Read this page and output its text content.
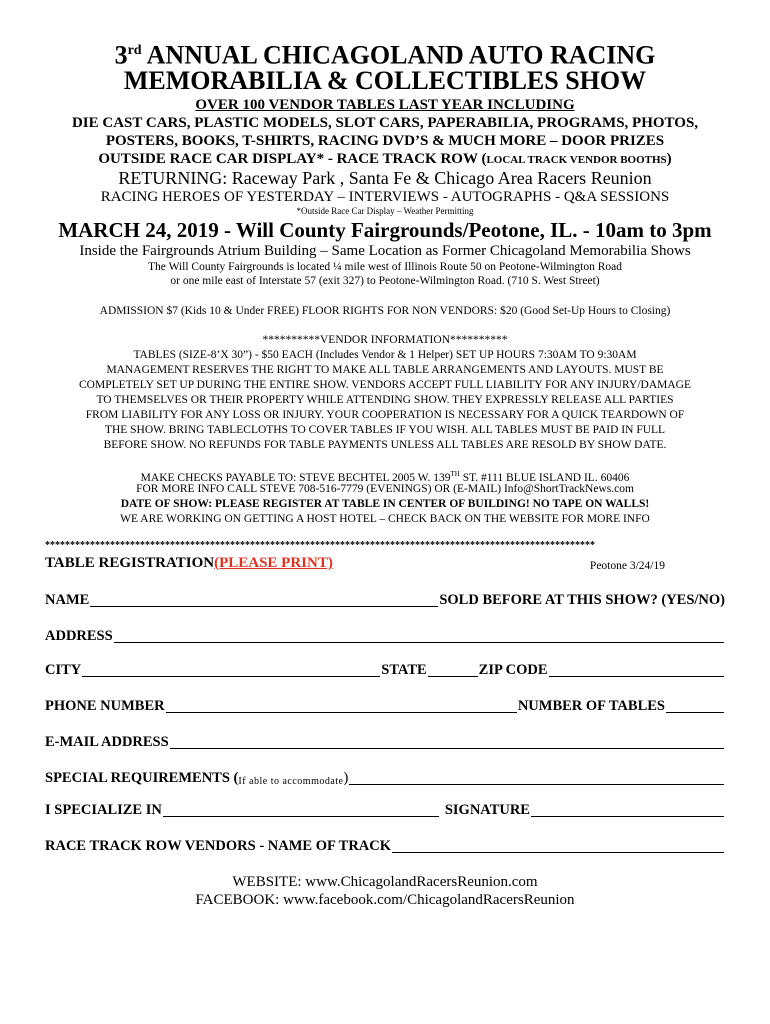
3rd ANNUAL CHICAGOLAND AUTO RACING
MEMORABILIA & COLLECTIBLES SHOW
OVER 100 VENDOR TABLES LAST YEAR INCLUDING
DIE CAST CARS, PLASTIC MODELS, SLOT CARS, PAPERABILIA, PROGRAMS, PHOTOS,
POSTERS, BOOKS, T-SHIRTS, RACING DVD’S & MUCH MORE – DOOR PRIZES
OUTSIDE RACE CAR DISPLAY* - RACE TRACK ROW (LOCAL TRACK VENDOR BOOTHS)
RETURNING: Raceway Park , Santa Fe & Chicago Area Racers Reunion
RACING HEROES OF YESTERDAY – INTERVIEWS - AUTOGRAPHS - Q&A SESSIONS
*Outside Race Car Display – Weather Permitting
MARCH 24, 2019 - Will County Fairgrounds/Peotone, IL. - 10am to 3pm
Inside the Fairgrounds Atrium Building – Same Location as Former Chicagoland Memorabilia Shows
The Will County Fairgrounds is located ¼ mile west of Illinois Route 50 on Peotone-Wilmington Road
or one mile east of Interstate 57 (exit 327) to Peotone-Wilmington Road. (710 S. West Street)
ADMISSION $7 (Kids 10 & Under FREE) FLOOR RIGHTS FOR NON VENDORS: $20 (Good Set-Up Hours to Closing)
**********VENDOR INFORMATION**********
TABLES (SIZE-8’X 30”) - $50 EACH (Includes Vendor & 1 Helper) SET UP HOURS 7:30AM TO 9:30AM
MANAGEMENT RESERVES THE RIGHT TO MAKE ALL TABLE ARRANGEMENTS AND LAYOUTS. MUST BE
COMPLETELY SET UP DURING THE ENTIRE SHOW. VENDORS ACCEPT FULL LIABILITY FOR ANY INJURY/DAMAGE
TO THEMSELVES OR THEIR PROPERTY WHILE ATTENDING SHOW. THEY EXPRESSLY RELEASE ALL PARTIES
FROM LIABILITY FOR ANY LOSS OR INJURY. YOUR COOPERATION IS NECESSARY FOR A QUICK TEARDOWN OF
THE SHOW. BRING TABLECLOTHS TO COVER TABLES IF YOU WISH. ALL TABLES MUST BE PAID IN FULL
BEFORE SHOW. NO REFUNDS FOR TABLE PAYMENTS UNLESS ALL TABLES ARE RESOLD BY SHOW DATE.
MAKE CHECKS PAYABLE TO: STEVE BECHTEL 2005 W. 139TH ST. #111 BLUE ISLAND IL. 60406
FOR MORE INFO CALL STEVE 708-516-7779 (EVENINGS) OR (E-MAIL) Info@ShortTrackNews.com
DATE OF SHOW: PLEASE REGISTER AT TABLE IN CENTER OF BUILDING! NO TAPE ON WALLS!
WE ARE WORKING ON GETTING A HOST HOTEL – CHECK BACK ON THE WEBSITE FOR MORE INFO
**************************************************************************************************************
TABLE REGISTRATION (PLEASE PRINT)	Peotone 3/24/19
NAME	SOLD BEFORE AT THIS SHOW? (YES/NO)
ADDRESS
CITY	STATE	ZIP CODE
PHONE NUMBER	NUMBER OF TABLES
E-MAIL ADDRESS
SPECIAL REQUIREMENTS ( If able to accommodate )
I SPECIALIZE IN	SIGNATURE
RACE TRACK ROW VENDORS - NAME OF TRACK
WEBSITE: www.ChicagolandRacersReunion.com
FACEBOOK: www.facebook.com/ChicagolandRacersReunion
